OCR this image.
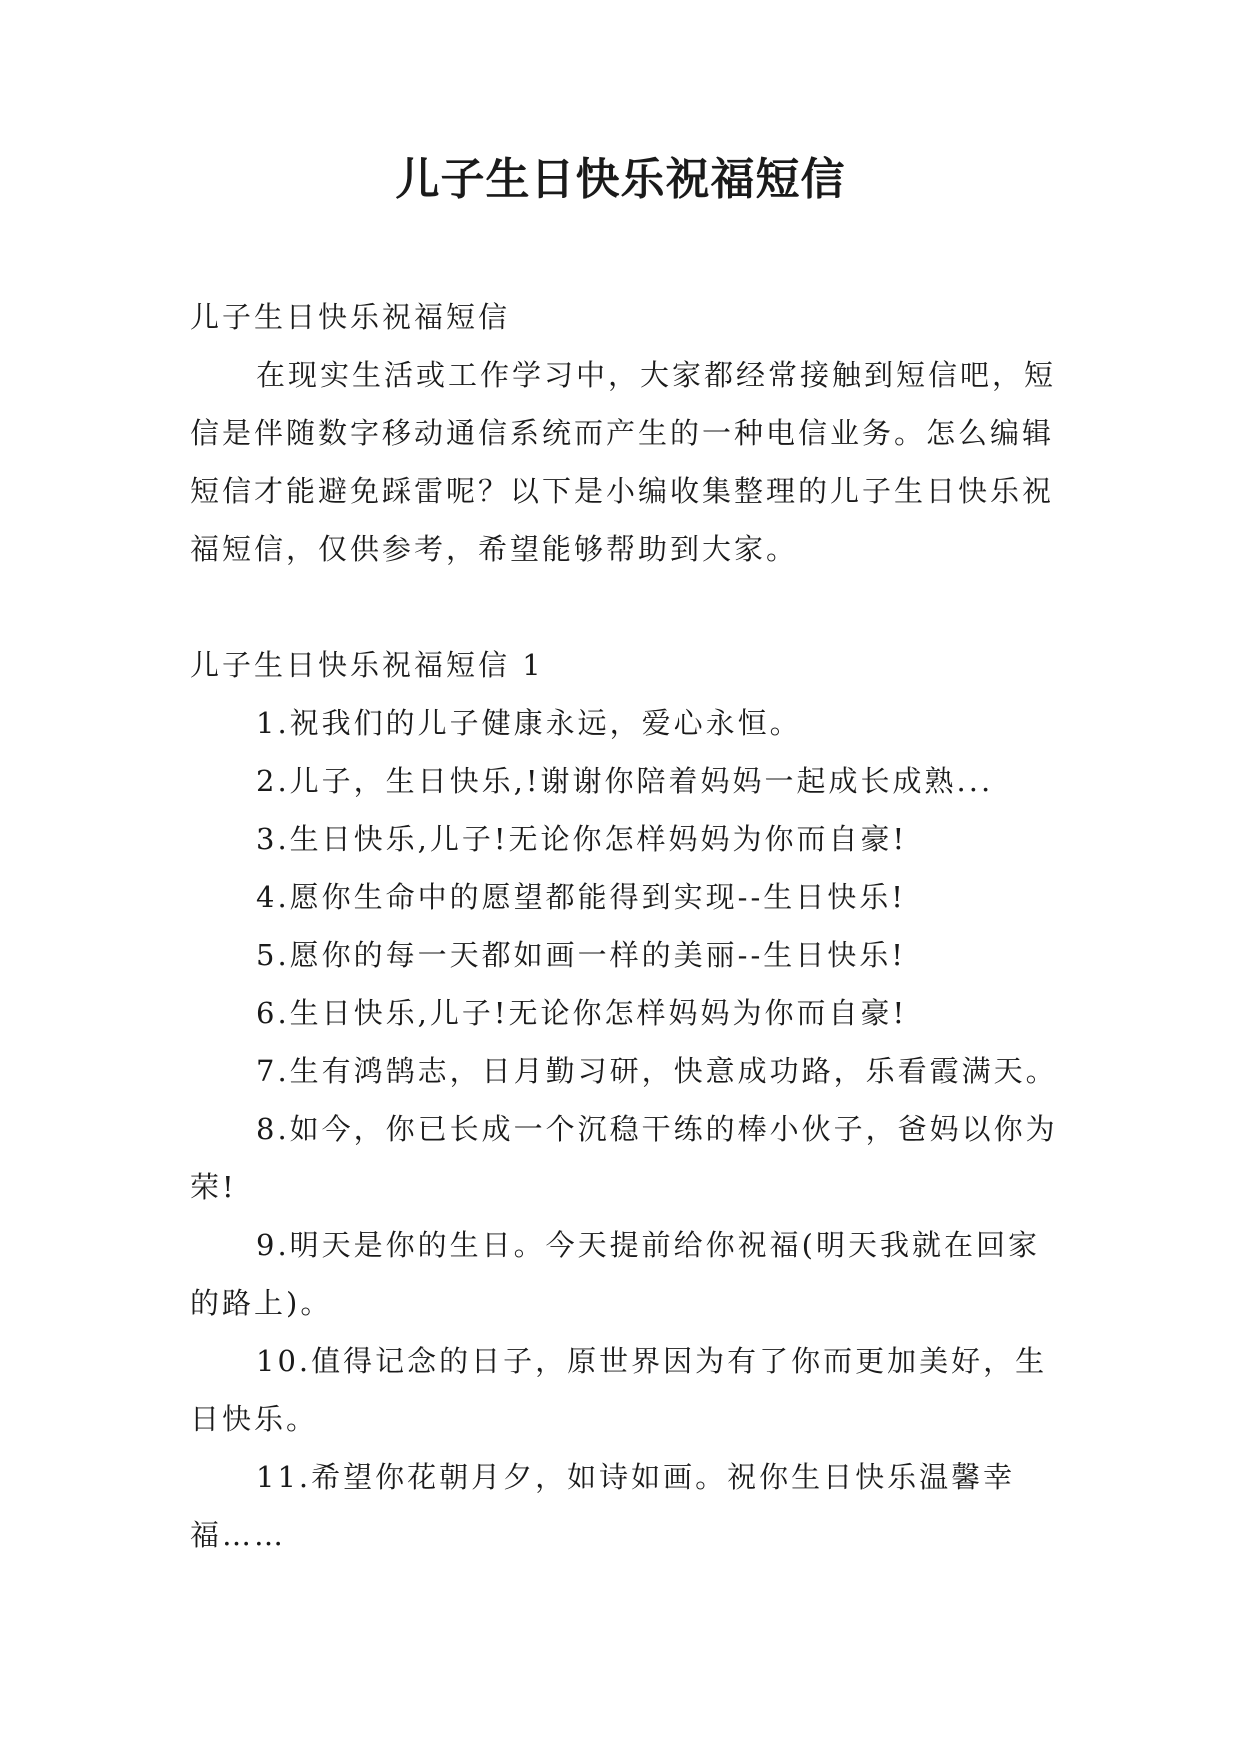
儿子生日快乐祝福短信

儿子生日快乐祝福短信

在现实生活或工作学习中，大家都经常接触到短信吧，短信是伴随数字移动通信系统而产生的一种电信业务。怎么编辑短信才能避免踩雷呢？以下是小编收集整理的儿子生日快乐祝福短信，仅供参考，希望能够帮助到大家。

儿子生日快乐祝福短信 1

1.祝我们的儿子健康永远，爱心永恒。

2.儿子，生日快乐,!谢谢你陪着妈妈一起成长成熟...

3.生日快乐,儿子!无论你怎样妈妈为你而自豪!

4.愿你生命中的愿望都能得到实现--生日快乐!

5.愿你的每一天都如画一样的美丽--生日快乐!

6.生日快乐,儿子!无论你怎样妈妈为你而自豪!

7.生有鸿鹄志，日月勤习研，快意成功路，乐看霞满天。

8.如今，你已长成一个沉稳干练的棒小伙子，爸妈以你为荣!

9.明天是你的生日。今天提前给你祝福(明天我就在回家的路上)。

10.值得记念的日子，原世界因为有了你而更加美好，生日快乐。

11.希望你花朝月夕，如诗如画。祝你生日快乐温馨幸福……
